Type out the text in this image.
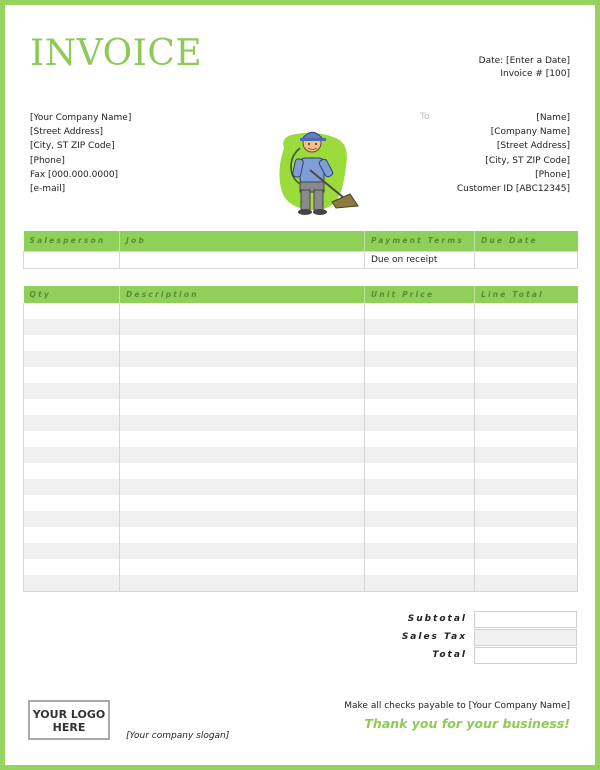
INVOICE	Date: [Enter a Date]
Invoice # [100]
[Your Company Name]
[Street Address]
[City, ST ZIP Code]
[Phone]
Fax [000.000.0000]
[e-mail]
To	[Name]
[Company Name]
[Street Address]
[City, ST ZIP Code]
[Phone]
Customer ID [ABC12345]
Salesperson	Job	Payment Terms	Due Date
		Due on receipt	
Qty	Description	Unit Price	Line Total

Subtotal
Sales Tax
Total
YOUR LOGO
HERE
[Your company slogan]
Make all checks payable to [Your Company Name]
Thank you for your business!
